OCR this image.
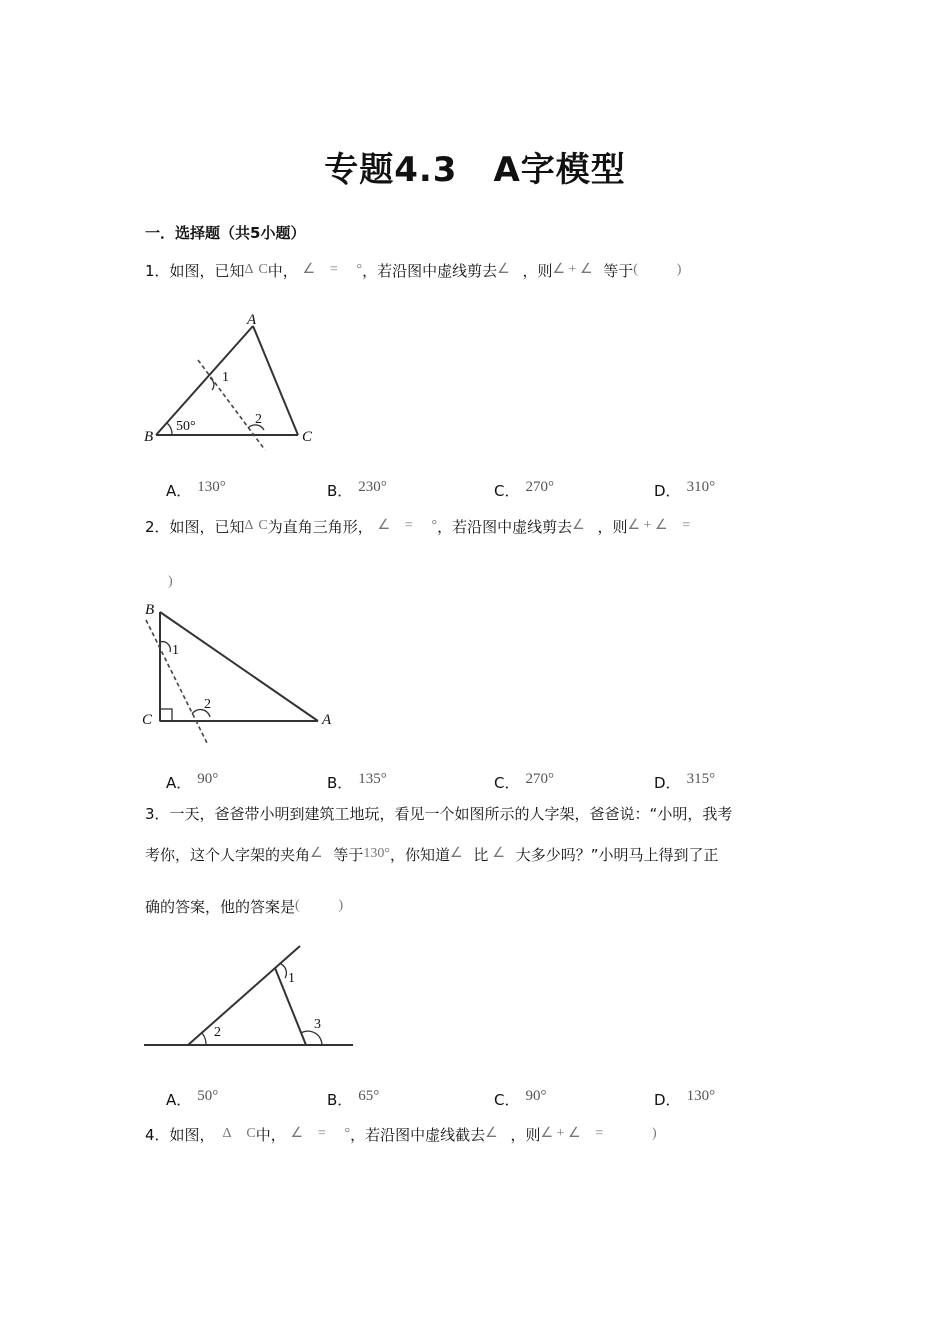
专题4.3 A字模型
一．选择题（共5小题）
1．如图，已知Δ C中， ∠ = °，若沿图中虚线剪去∠ ，则∠ + ∠ 等于(	)
A
B	C
1
2
50°
A． 130°	B． 230°	C． 270°	D． 310°
2．如图，已知Δ C为直角三角形， ∠ = °，若沿图中虚线剪去∠ ，则∠ + ∠ =
)
B
C	A
1
2
A． 90°	B． 135°	C． 270°	D． 315°
3．一天，爸爸带小明到建筑工地玩，看见一个如图所示的人字架，爸爸说：“小明，我考
考你，这个人字架的夹角∠ 等于130°，你知道∠ 比 ∠ 大多少吗？”小明马上得到了正
确的答案，他的答案是(	)
1
2
3
A． 50°	B． 65°	C． 90°	D． 130°
4．如图， Δ C中， ∠ = °，若沿图中虚线截去∠ ，则∠ + ∠ =	)
